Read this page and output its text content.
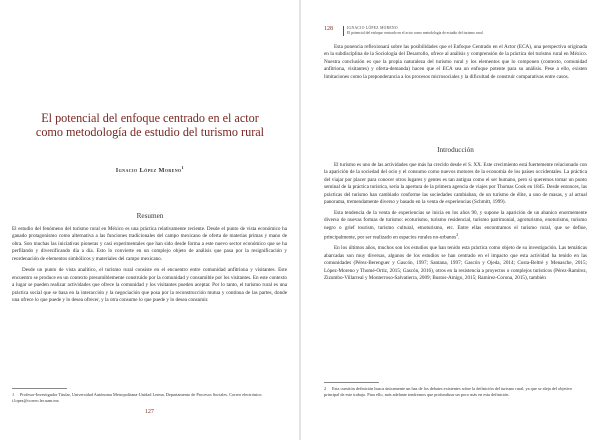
El potencial del enfoque centrado en el actor como metodología de estudio del turismo rural
Ignacio López Moreno$^1$
Resumen

El estudio del fenómeno del turismo rural en México es una práctica relativamente reciente. Desde el punto de vista económico ha ganado protagonismo como alternativa a las funciones tradicionales del campo mexicano de oferta de materias primas y mano de obra. Son muchas las iniciativas pioneras y casi experimentales que han sido desde forma a este nuevo sector económico que se ha perfilando y diversificando día a día. Esto lo convierte en un complejo objeto de análisis que pasa por la resignificación y reordenación de elementos simbólicos y materiales del campo mexicano.

Desde un punto de vista analítico, el turismo rural consiste en el encuentro entre comunidad anfitriona y visitantes. Este encuentro se produce en un contexto presumiblemente construido por la comunidad y consumible por los visitantes. En este contexto a lugar se pueden realizar actividades que ofrece la comunidad y los visitantes pueden aceptar. Por lo tanto, el turismo rural es una práctica social que se basa en la interacción y la negociación que posa por la reconstrucción mutua y continua de las partes, donde una ofrece lo que puede y lo desea ofrecer, y la otra consume lo que puede y lo desea consumir.

1 Profesor-Investigador Titular, Universidad Autónoma Metropolitana-Unidad Lerma, Departamento de Procesos Sociales. Correo electrónico: i.lopez@correo.ler.uam.mx
127
128	IGNACIO LÓPEZ MORENO
El potencial del enfoque centrado en el actor como metodología de estudio del turismo rural

Esta ponencia reflexionará sobre las posibilidades que el Enfoque Centrado en el Actor (ECA), una perspectiva originada en la subdisciplina de la Sociología del Desarrollo, ofrece al análisis y comprensión de la práctica del turismo rural en México. Nuestra conclusión es que la propia naturaleza del turismo rural y los elementos que lo componen (contexto, comunidad anfitriona, visitantes) y oferta-demanda) hacen que el ECA sea un enfoque potente para su análisis. Pese a ello, existen limitaciones como la preponderancia a los procesos microsociales y la dificultad de construir comparativas entre casos.

Introducción

El turismo es uno de las actividades que más ha crecido desde el S. XX. Este crecimiento está fuertemente relacionado con la aparición de la sociedad del ocio y el consumo como nuevos motores de la economía de los países occidentales. La práctica del viajar por placer para conocer otros lugares y gentes es tan antigua como el ser humano, pero si queremos tomar un punto seminal de la práctica turística, sería la apertura de la primera agencia de viajes por Thomas Cook en 1845. Desde entonces, las prácticas del turismo han cambiado conforme las sociedades cambiaban, de un turismo de élite, a uno de masas, y al actual panorama, tremendamente diverso y basado en la venta de experiencias (Schmitt, 1999).

Esta tendencia de la venta de experiencias se inicia en los años 90, y supone la aparición de un abanico enormemente diverso de nuevas formas de turismo: ecoturismo, turismo residencial, turismo patrimonial, agroturismo, enoturismo, turismo negro o grief tourism, turismo cultural, etnoturismo, etc. Entre ellas encontramos el turismo rural, que se define, principalmente, por ser realizado en espacios rurales no-urbanos$^2$.

En los últimos años, muchos son los estudios que han tenido esta práctica como objeto de su investigación. Las temáticas abarcadas son muy diversas, algunos de los estudios se han centrado en el impacto que esta actividad ha tenido en las comunidades (Pérez-Berenguer y Gascón, 1997; Santana, 1997; Gascón y Ojeda, 2014; Costa-Beltré y Menasche, 2015; López-Moreno y Thomé-Ortiz, 2015; Gascón, 2016), otros en la resistencia a proyectos o complejos turísticos (Pérez-Ramírez, Zizumbo-Villarreal y Monterroso-Salvatierra, 2009; Bustos-Amigo, 2015; Ramírez-Corona, 2015), también

2 Esta cuestión definición busca únicamente un haz de los debates existentes sobre la definición del turismo rural, ya que se aleja del objetivo principal de este trabajo. Para ello, más adelante tendremos que profundizar un poco más en esta definición.
